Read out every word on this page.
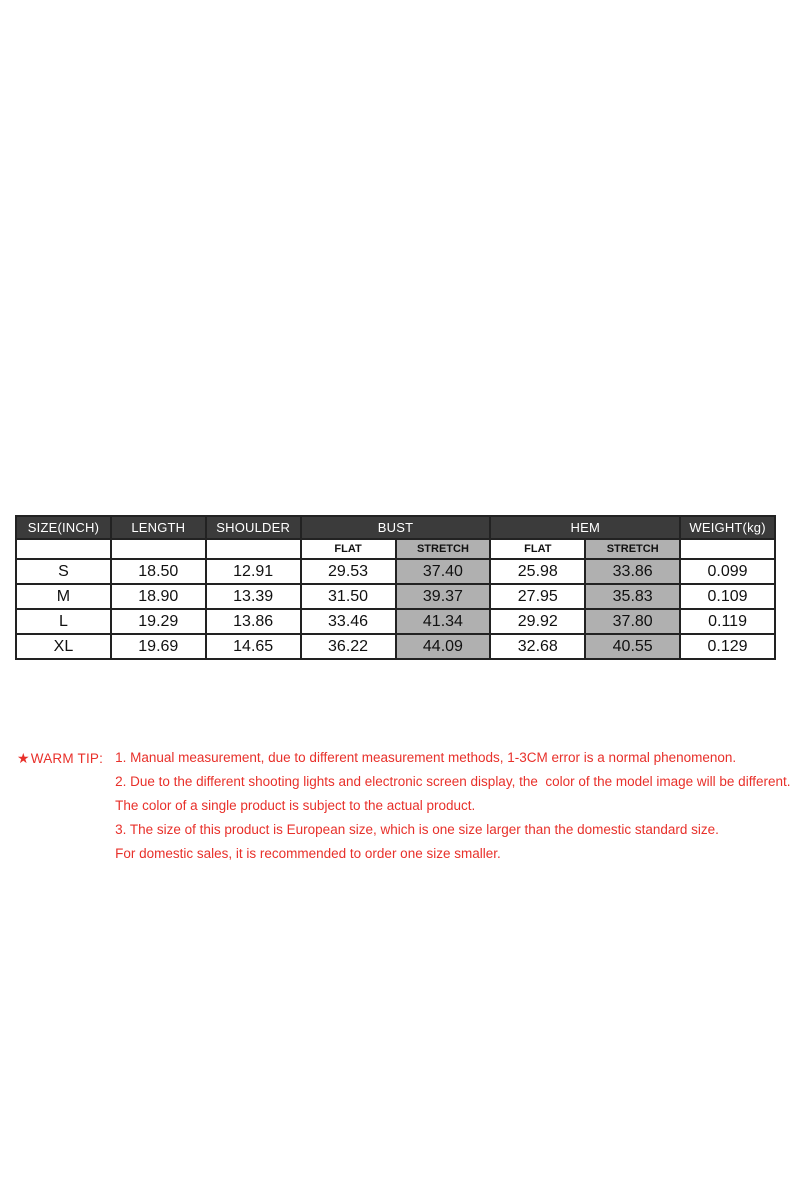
SIZE(INCH)	LENGTH	SHOULDER	BUST		HEM		WEIGHT(kg)
			FLAT	STRETCH	FLAT	STRETCH	
S	18.50	12.91	29.53	37.40	25.98	33.86	0.099
M	18.90	13.39	31.50	39.37	27.95	35.83	0.109
L	19.29	13.86	33.46	41.34	29.92	37.80	0.119
XL	19.69	14.65	36.22	44.09	32.68	40.55	0.129
★WARM TIP: 1. Manual measurement, due to different measurement methods, 1-3CM error is a normal phenomenon.
2. Due to the different shooting lights and electronic screen display, the  color of the model image will be different.
The color of a single product is subject to the actual product.
3. The size of this product is European size, which is one size larger than the domestic standard size.
For domestic sales, it is recommended to order one size smaller.
